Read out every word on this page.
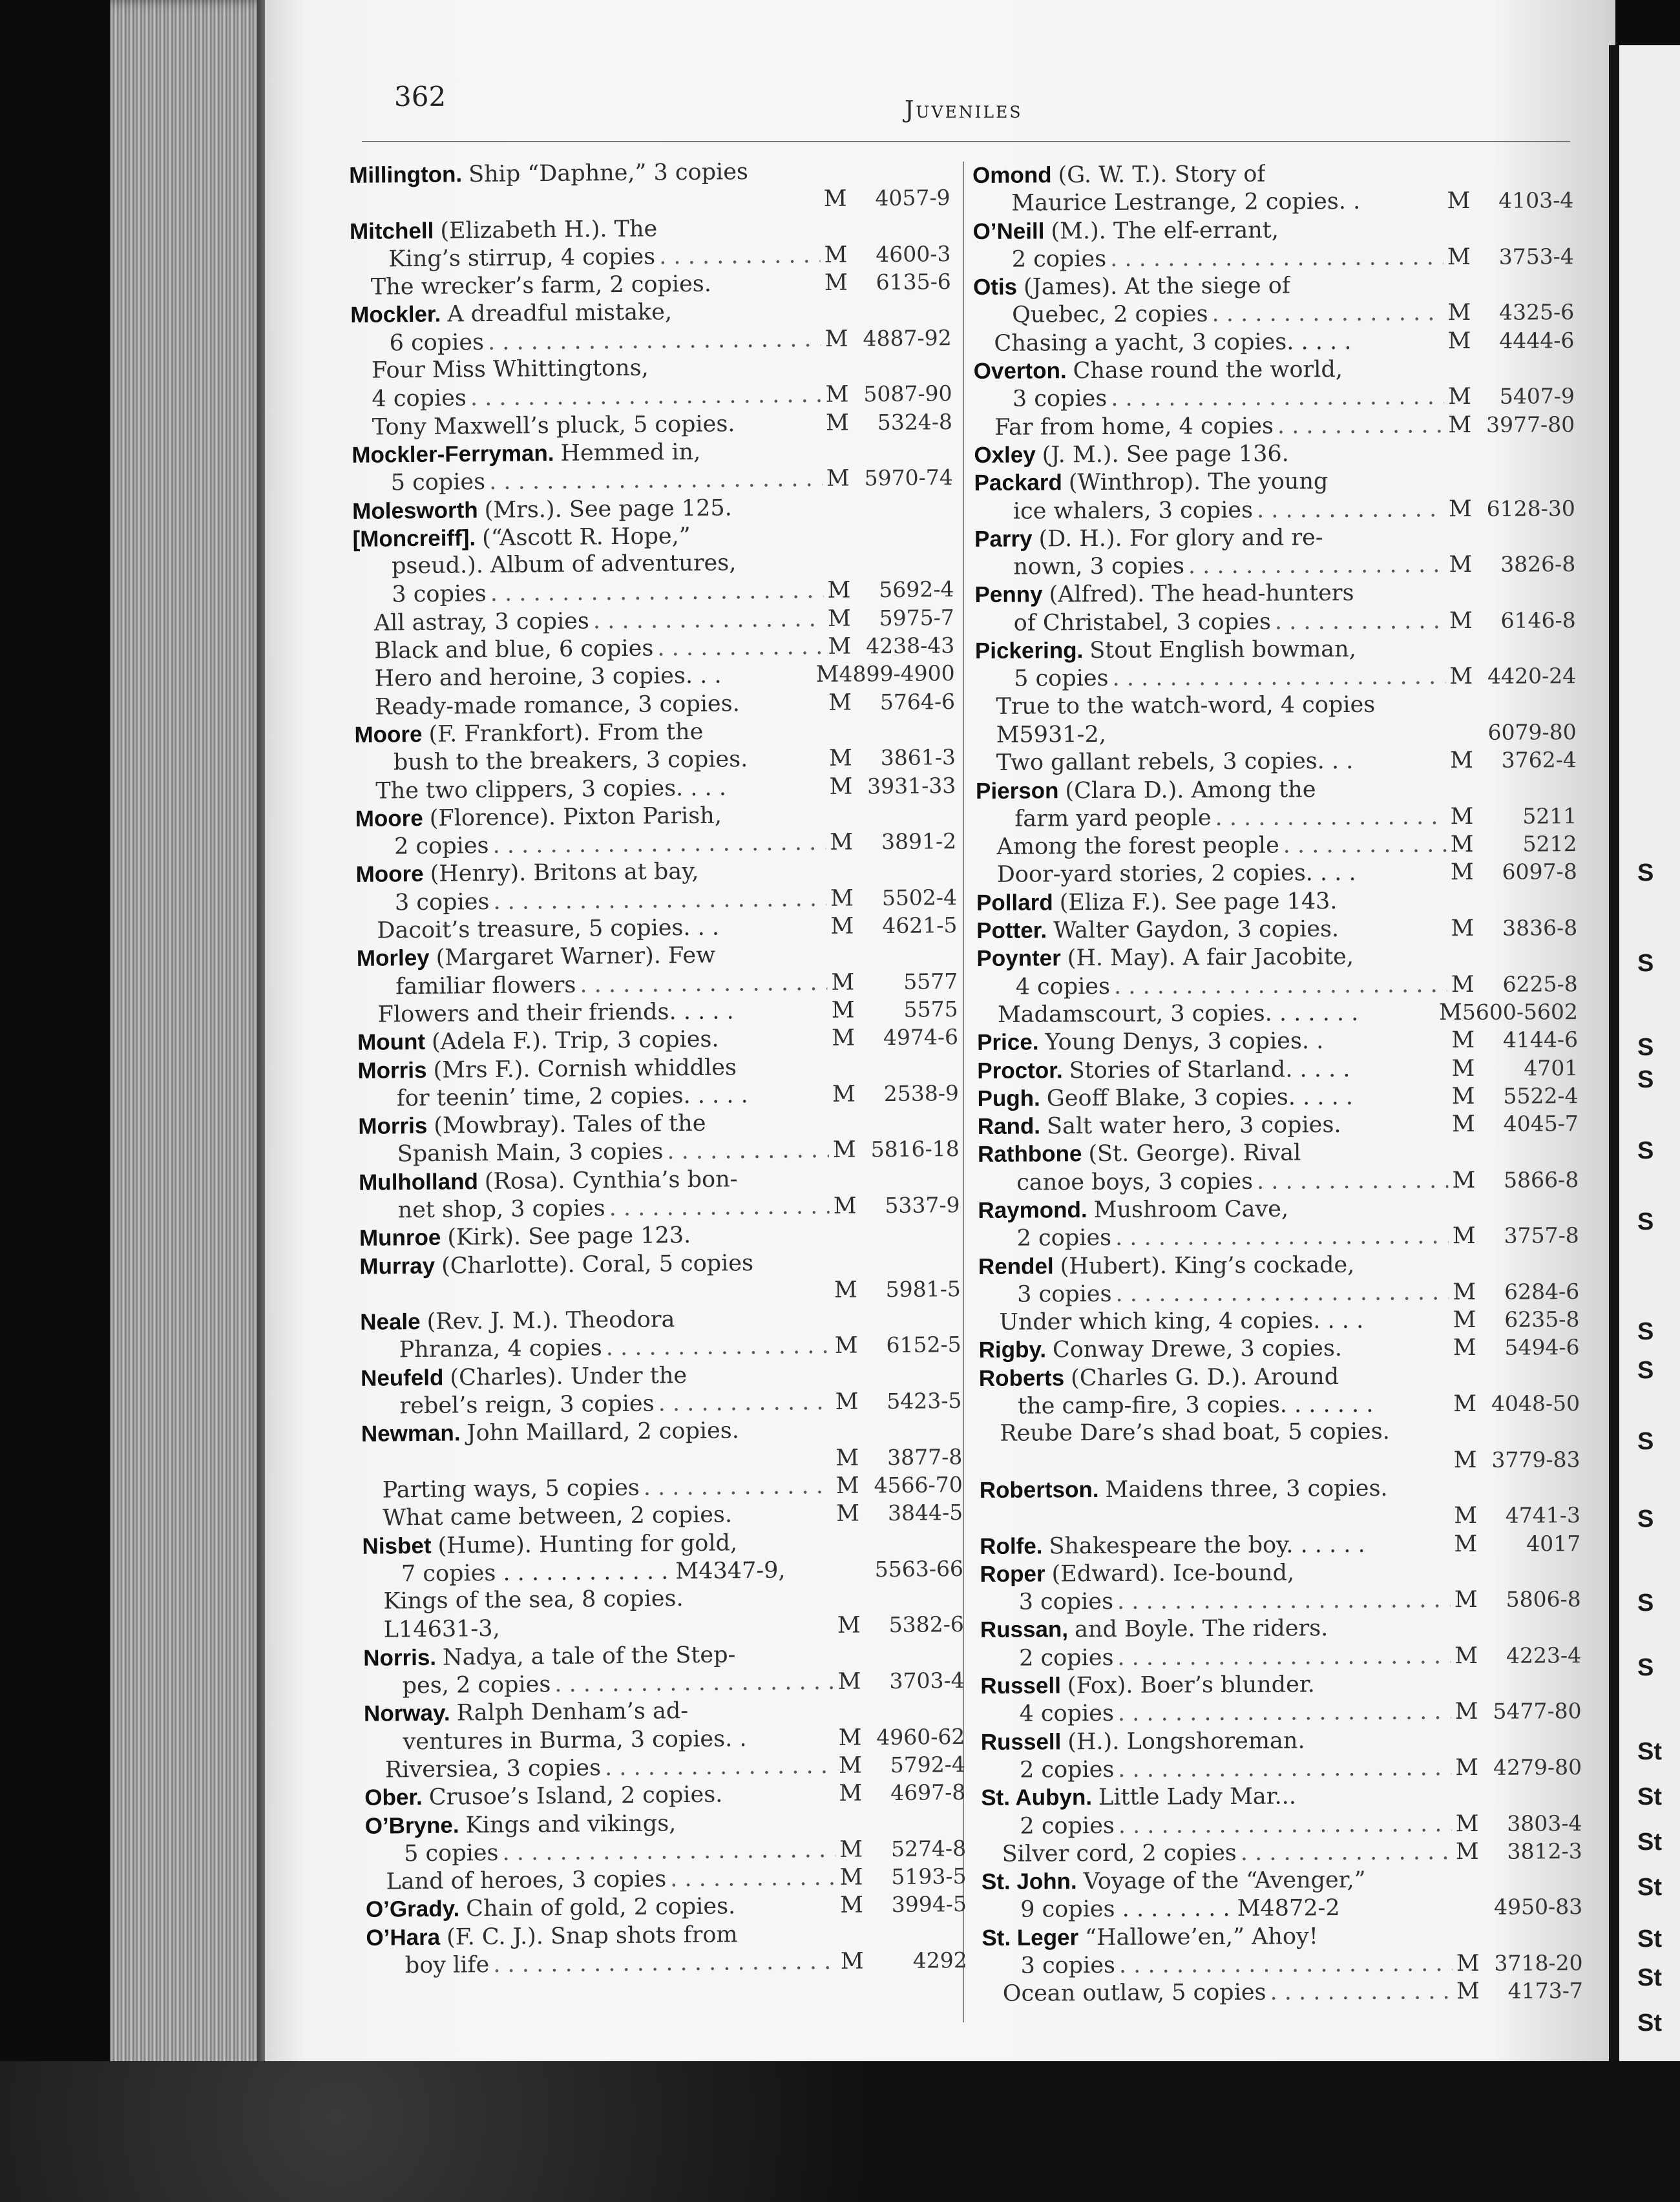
S
S
S
S
S
S
S
S
S
S
S
S
St
St
St
St
St
St
St
362	Juveniles
Millington. Ship “Daphne,” 3 copies
M	4057-9
Mitchell (Elizabeth H.). The
King’s stirrup, 4 copies . . .	M	4600-3
The wrecker’s farm, 2 copies.	M	6135-6
Mockler. A dreadful mistake,
6 copies . . .	M 4887-92
Four Miss Whittingtons,
4 copies . . .	M 5087-90
Tony Maxwell’s pluck, 5 copies.	M	5324-8
Mockler-Ferryman. Hemmed in,
5 copies . . .	M 5970-74
Molesworth (Mrs.). See page 125.
[Moncreiff]. (“Ascott R. Hope,”
pseud.). Album of adventures,
3 copies . . .	M	5692-4
All astray, 3 copies . . .	M	5975-7
Black and blue, 6 copies . . .	M 4238-43
Hero and heroine, 3 copies. . .	M 4899-4900
Ready-made romance, 3 copies.	M	5764-6
Moore (F. Frankfort). From the
bush to the breakers, 3 copies.	M	3861-3
The two clippers, 3 copies. . . .	M 3931-33
Moore (Florence). Pixton Parish,
2 copies . . .	M	3891-2
Moore (Henry). Britons at bay,
3 copies . . .	M	5502-4
Dacoit’s treasure, 5 copies. . .	M	4621-5
Morley (Margaret Warner). Few
familiar flowers . . .	M	5577
Flowers and their friends. . . . .	M	5575
Mount (Adela F.). Trip, 3 copies.	M	4974-6
Morris (Mrs F.). Cornish whiddles
for teenin’ time, 2 copies. . . . .	M	2538-9
Morris (Mowbray). Tales of the
Spanish Main, 3 copies . . .	M 5816-18
Mulholland (Rosa). Cynthia’s bon-
net shop, 3 copies . . .	M	5337-9
Munroe (Kirk). See page 123.
Murray (Charlotte). Coral, 5 copies
M	5981-5
Neale (Rev. J. M.). Theodora
Phranza, 4 copies . . .	M	6152-5
Neufeld (Charles). Under the
rebel’s reign, 3 copies . . .	M	5423-5
Newman. John Maillard, 2 copies.
M	3877-8
Parting ways, 5 copies . . .	M 4566-70
What came between, 2 copies.	M	3844-5
Nisbet (Hume). Hunting for gold,
7 copies . . . . . . . . . . . . M4347-9,	5563-66
Kings of the sea, 8 copies.
L14631-3,	M	5382-6
Norris. Nadya, a tale of the Step-
pes, 2 copies . . .	M	3703-4
Norway. Ralph Denham’s ad-
ventures in Burma, 3 copies. .	M 4960-62
Riversiea, 3 copies . . .	M	5792-4
Ober. Crusoe’s Island, 2 copies.	M	4697-8
O’Bryne. Kings and vikings,
5 copies . . .	M	5274-8
Land of heroes, 3 copies . . .	M	5193-5
O’Grady. Chain of gold, 2 copies.	M	3994-5
O’Hara (F. C. J.). Snap shots from
boy life . . .	M	4292
Omond (G. W. T.). Story of
Maurice Lestrange, 2 copies. .	M	4103-4
O’Neill (M.). The elf-errant,
2 copies . . .	M	3753-4
Otis (James). At the siege of
Quebec, 2 copies . . .	M	4325-6
Chasing a yacht, 3 copies. . . . .	M	4444-6
Overton. Chase round the world,
3 copies . . .	M	5407-9
Far from home, 4 copies . . .	M 3977-80
Oxley (J. M.). See page 136.
Packard (Winthrop). The young
ice whalers, 3 copies . . .	M 6128-30
Parry (D. H.). For glory and re-
nown, 3 copies . . .	M	3826-8
Penny (Alfred). The head-hunters
of Christabel, 3 copies . . .	M	6146-8
Pickering. Stout English bowman,
5 copies . . .	M 4420-24
True to the watch-word, 4 copies
M5931-2,	6079-80
Two gallant rebels, 3 copies. . .	M	3762-4
Pierson (Clara D.). Among the
farm yard people . . .	M	5211
Among the forest people . . .	M	5212
Door-yard stories, 2 copies. . . .	M	6097-8
Pollard (Eliza F.). See page 143.
Potter. Walter Gaydon, 3 copies.	M	3836-8
Poynter (H. May). A fair Jacobite,
4 copies . . .	M	6225-8
Madamscourt, 3 copies. . . . . . .	M 5600-5602
Price. Young Denys, 3 copies. .	M	4144-6
Proctor. Stories of Starland. . . . .	M	4701
Pugh. Geoff Blake, 3 copies. . . . .	M	5522-4
Rand. Salt water hero, 3 copies.	M	4045-7
Rathbone (St. George). Rival
canoe boys, 3 copies . . .	M	5866-8
Raymond. Mushroom Cave,
2 copies . . .	M	3757-8
Rendel (Hubert). King’s cockade,
3 copies . . .	M	6284-6
Under which king, 4 copies. . . .	M	6235-8
Rigby. Conway Drewe, 3 copies.	M	5494-6
Roberts (Charles G. D.). Around
the camp-fire, 3 copies. . . . . . .	M 4048-50
Reube Dare’s shad boat, 5 copies.
M 3779-83
Robertson. Maidens three, 3 copies.
M	4741-3
Rolfe. Shakespeare the boy. . . . . .	M	4017
Roper (Edward). Ice-bound,
3 copies . . .	M	5806-8
Russan, and Boyle. The riders.
2 copies . . .	M	4223-4
Russell (Fox). Boer’s blunder.
4 copies . . .	M 5477-80
Russell (H.). Longshoreman.
2 copies . . .	M 4279-80
St. Aubyn. Little Lady Mar...
2 copies . . .	M	3803-4
Silver cord, 2 copies . . .	M	3812-3
St. John. Voyage of the “Avenger,”
9 copies . . . . . . . . M4872-2	4950-83
St. Leger “Hallowe’en,” Ahoy!
3 copies . . .	M 3718-20
Ocean outlaw, 5 copies . . .	M	4173-7
